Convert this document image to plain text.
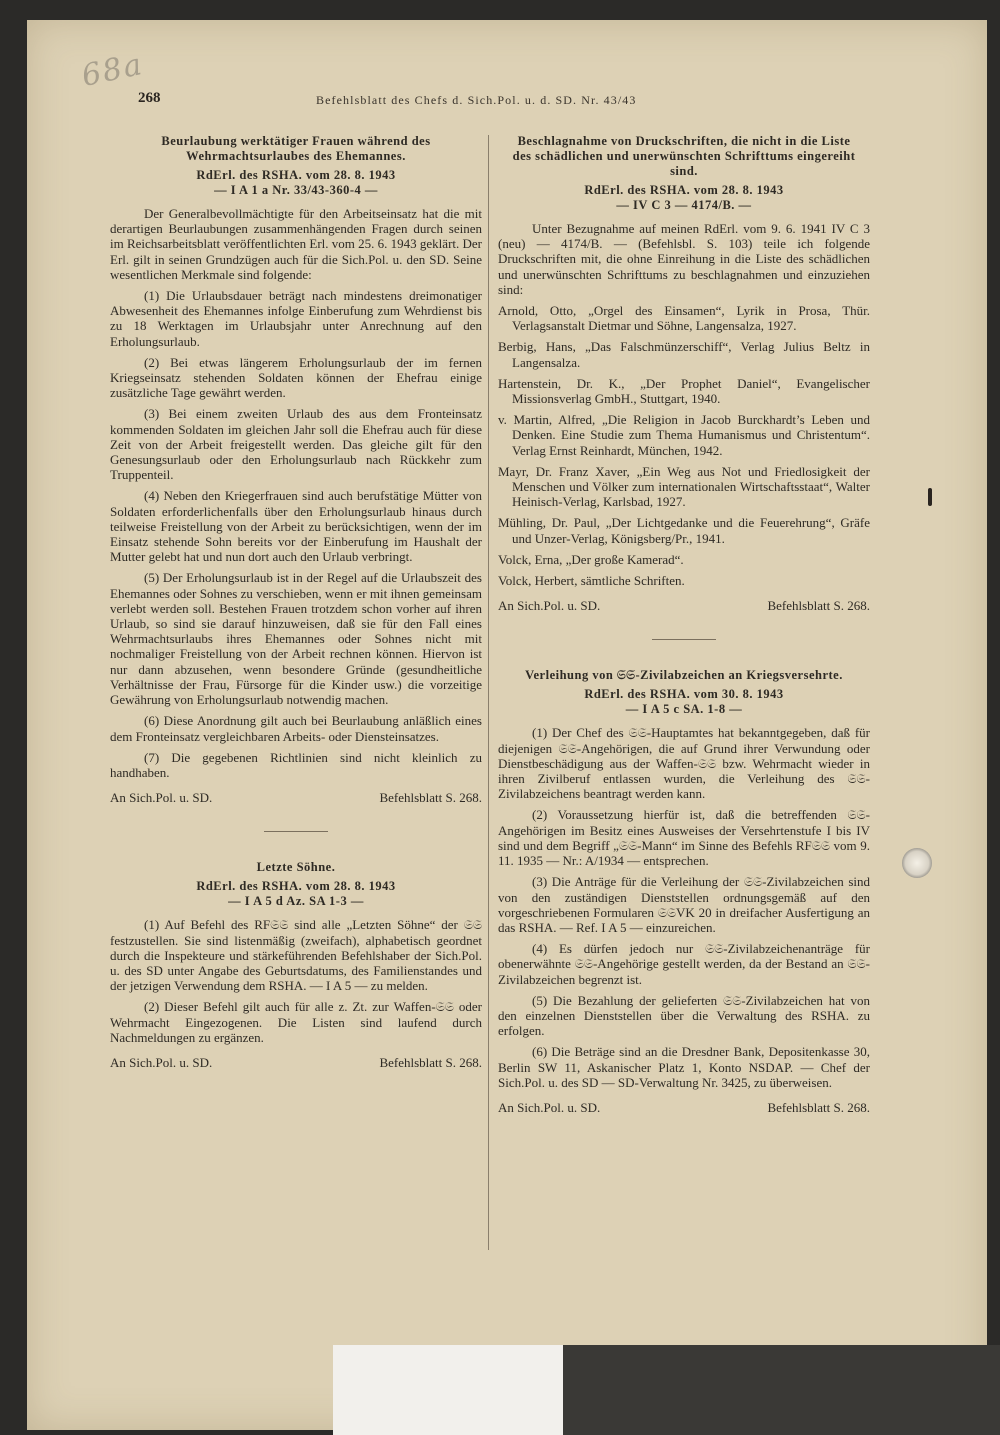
68a
268	Befehlsblatt des Chefs d. Sich.Pol. u. d. SD. Nr. 43/43
Beurlaubung werktätiger Frauen während des Wehrmachtsurlaubes des Ehemannes.
RdErl. des RSHA. vom 28. 8. 1943
— I A 1 a Nr. 33/43-360-4 —

Der Generalbevollmächtigte für den Arbeitseinsatz hat die mit derartigen Beurlaubungen zusammenhängenden Fragen durch seinen im Reichsarbeitsblatt veröffentlichten Erl. vom 25. 6. 1943 geklärt. Der Erl. gilt in seinen Grundzügen auch für die Sich.Pol. u. den SD. Seine wesentlichen Merkmale sind folgende:

(1) Die Urlaubsdauer beträgt nach mindestens dreimonatiger Abwesenheit des Ehemannes infolge Einberufung zum Wehrdienst bis zu 18 Werktagen im Urlaubsjahr unter Anrechnung auf den Erholungsurlaub.

(2) Bei etwas längerem Erholungsurlaub der im fernen Kriegseinsatz stehenden Soldaten können der Ehefrau einige zusätzliche Tage gewährt werden.

(3) Bei einem zweiten Urlaub des aus dem Fronteinsatz kommenden Soldaten im gleichen Jahr soll die Ehefrau auch für diese Zeit von der Arbeit freigestellt werden. Das gleiche gilt für den Genesungsurlaub oder den Erholungsurlaub nach Rückkehr zum Truppenteil.

(4) Neben den Kriegerfrauen sind auch berufstätige Mütter von Soldaten erforderlichenfalls über den Erholungsurlaub hinaus durch teilweise Freistellung von der Arbeit zu berücksichtigen, wenn der im Einsatz stehende Sohn bereits vor der Einberufung im Haushalt der Mutter gelebt hat und nun dort auch den Urlaub verbringt.

(5) Der Erholungsurlaub ist in der Regel auf die Urlaubszeit des Ehemannes oder Sohnes zu verschieben, wenn er mit ihnen gemeinsam verlebt werden soll. Bestehen Frauen trotzdem schon vorher auf ihren Urlaub, so sind sie darauf hinzuweisen, daß sie für den Fall eines Wehrmachtsurlaubs ihres Ehemannes oder Sohnes nicht mit nochmaliger Freistellung von der Arbeit rechnen können. Hiervon ist nur dann abzusehen, wenn besondere Gründe (gesundheitliche Verhältnisse der Frau, Fürsorge für die Kinder usw.) die vorzeitige Gewährung von Erholungsurlaub notwendig machen.

(6) Diese Anordnung gilt auch bei Beurlaubung anläßlich eines dem Fronteinsatz vergleichbaren Arbeits- oder Diensteinsatzes.

(7) Die gegebenen Richtlinien sind nicht kleinlich zu handhaben.

An Sich.Pol. u. SD.	Befehlsblatt S. 268.
Letzte Söhne.
RdErl. des RSHA. vom 28. 8. 1943
— I A 5 d Az. SA 1-3 —

(1) Auf Befehl des RF𝔖𝔖 sind alle „Letzten Söhne“ der 𝔖𝔖 festzustellen. Sie sind listenmäßig (zweifach), alphabetisch geordnet durch die Inspekteure und stärkeführenden Befehlshaber der Sich.Pol. u. des SD unter Angabe des Geburtsdatums, des Familienstandes und der jetzigen Verwendung dem RSHA. — I A 5 — zu melden.

(2) Dieser Befehl gilt auch für alle z. Zt. zur Waffen-𝔖𝔖 oder Wehrmacht Eingezogenen. Die Listen sind laufend durch Nachmeldungen zu ergänzen.

An Sich.Pol. u. SD.	Befehlsblatt S. 268.
Beschlagnahme von Druckschriften, die nicht in die Liste des schädlichen und unerwünschten Schrifttums eingereiht sind.
RdErl. des RSHA. vom 28. 8. 1943
— IV C 3 — 4174/B. —

Unter Bezugnahme auf meinen RdErl. vom 9. 6. 1941 IV C 3 (neu) — 4174/B. — (Befehlsbl. S. 103) teile ich folgende Druckschriften mit, die ohne Einreihung in die Liste des schädlichen und unerwünschten Schrifttums zu beschlagnahmen und einzuziehen sind:

Arnold, Otto, „Orgel des Einsamen“, Lyrik in Prosa, Thür. Verlagsanstalt Dietmar und Söhne, Langensalza, 1927.

Berbig, Hans, „Das Falschmünzerschiff“, Verlag Julius Beltz in Langensalza.

Hartenstein, Dr. K., „Der Prophet Daniel“, Evangelischer Missionsverlag GmbH., Stuttgart, 1940.

v. Martin, Alfred, „Die Religion in Jacob Burckhardt’s Leben und Denken. Eine Studie zum Thema Humanismus und Christentum“. Verlag Ernst Reinhardt, München, 1942.

Mayr, Dr. Franz Xaver, „Ein Weg aus Not und Friedlosigkeit der Menschen und Völker zum internationalen Wirtschaftsstaat“, Walter Heinisch-Verlag, Karlsbad, 1927.

Mühling, Dr. Paul, „Der Lichtgedanke und die Feuerehrung“, Gräfe und Unzer-Verlag, Königsberg/Pr., 1941.

Volck, Erna, „Der große Kamerad“.

Volck, Herbert, sämtliche Schriften.

An Sich.Pol. u. SD.	Befehlsblatt S. 268.
Verleihung von 𝔖𝔖-Zivilabzeichen an Kriegsversehrte.
RdErl. des RSHA. vom 30. 8. 1943
— I A 5 c SA. 1-8 —

(1) Der Chef des 𝔖𝔖-Hauptamtes hat bekanntgegeben, daß für diejenigen 𝔖𝔖-Angehörigen, die auf Grund ihrer Verwundung oder Dienstbeschädigung aus der Waffen-𝔖𝔖 bzw. Wehrmacht wieder in ihren Zivilberuf entlassen wurden, die Verleihung des 𝔖𝔖-Zivilabzeichens beantragt werden kann.

(2) Voraussetzung hierfür ist, daß die betreffenden 𝔖𝔖-Angehörigen im Besitz eines Ausweises der Versehrtenstufe I bis IV sind und dem Begriff „𝔖𝔖-Mann“ im Sinne des Befehls RF𝔖𝔖 vom 9. 11. 1935 — Nr.: A/1934 — entsprechen.

(3) Die Anträge für die Verleihung der 𝔖𝔖-Zivilabzeichen sind von den zuständigen Dienststellen ordnungsgemäß auf den vorgeschriebenen Formularen 𝔖𝔖VK 20 in dreifacher Ausfertigung an das RSHA. — Ref. I A 5 — einzureichen.

(4) Es dürfen jedoch nur 𝔖𝔖-Zivilabzeichenanträge für obenerwähnte 𝔖𝔖-Angehörige gestellt werden, da der Bestand an 𝔖𝔖-Zivilabzeichen begrenzt ist.

(5) Die Bezahlung der gelieferten 𝔖𝔖-Zivilabzeichen hat von den einzelnen Dienststellen über die Verwaltung des RSHA. zu erfolgen.

(6) Die Beträge sind an die Dresdner Bank, Depositenkasse 30, Berlin SW 11, Askanischer Platz 1, Konto NSDAP. — Chef der Sich.Pol. u. des SD — SD-Verwaltung Nr. 3425, zu überweisen.

An Sich.Pol. u. SD.	Befehlsblatt S. 268.
